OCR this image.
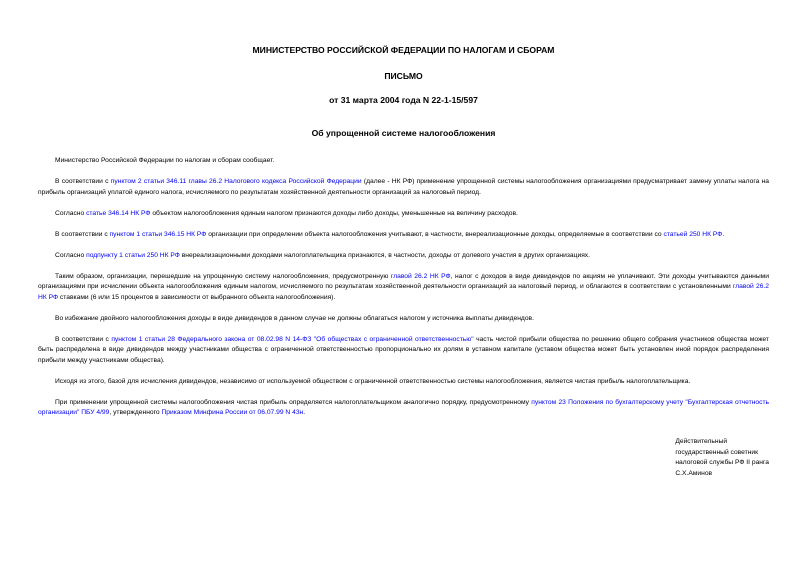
МИНИСТЕРСТВО РОССИЙСКОЙ ФЕДЕРАЦИИ ПО НАЛОГАМ И СБОРАМ
ПИСЬМО
от 31 марта 2004 года N 22-1-15/597
Об упрощенной системе налогообложения

Министерство Российской Федерации по налогам и сборам сообщает.

В соответствии с пунктом 2 статьи 346.11 главы 26.2 Налогового кодекса Российской Федерации (далее - НК РФ) применение упрощенной системы налогообложения организациями предусматривает замену уплаты налога на прибыль организаций уплатой единого налога, исчисляемого по результатам хозяйственной деятельности организаций за налоговый период.

Согласно статье 346.14 НК РФ объектом налогообложения единым налогом признаются доходы либо доходы, уменьшенные на величину расходов.

В соответствии с пунктом 1 статьи 346.15 НК РФ организации при определении объекта налогообложения учитывают, в частности, внереализационные доходы, определяемые в соответствии со статьей 250 НК РФ.

Согласно подпункту 1 статьи 250 НК РФ внереализационными доходами налогоплательщика признаются, в частности, доходы от долевого участия в других организациях.

Таким образом, организации, перешедшие на упрощенную систему налогообложения, предусмотренную главой 26.2 НК РФ, налог с доходов в виде дивидендов по акциям не уплачивают. Эти доходы учитываются данными организациями при исчислении объекта налогообложения единым налогом, исчисляемого по результатам хозяйственной деятельности организаций за налоговый период, и облагаются в соответствии с установленными главой 26.2 НК РФ ставками (6 или 15 процентов в зависимости от выбранного объекта налогообложения).

Во избежание двойного налогообложения доходы в виде дивидендов в данном случае не должны облагаться налогом у источника выплаты дивидендов.

В соответствии с пунктом 1 статьи 28 Федерального закона от 08.02.98 N 14-ФЗ "Об обществах с ограниченной ответственностью" часть чистой прибыли общества по решению общего собрания участников общества может быть распределена в виде дивидендов между участниками общества с ограниченной ответственностью пропорционально их долям в уставном капитале (уставом общества может быть установлен иной порядок распределения прибыли между участниками общества).

Исходя из этого, базой для исчисления дивидендов, независимо от используемой обществом с ограниченной ответственностью системы налогообложения, является чистая прибыль налогоплательщика.

При применении упрощенной системы налогообложения чистая прибыль определяется налогоплательщиком аналогично порядку, предусмотренному пунктом 23 Положения по бухгалтерскому учету "Бухгалтерская отчетность организации" ПБУ 4/99, утвержденного Приказом Минфина России от 06.07.99 N 43н.

Действительный
государственный советник
налоговой службы РФ II ранга
С.Х.Аминов
